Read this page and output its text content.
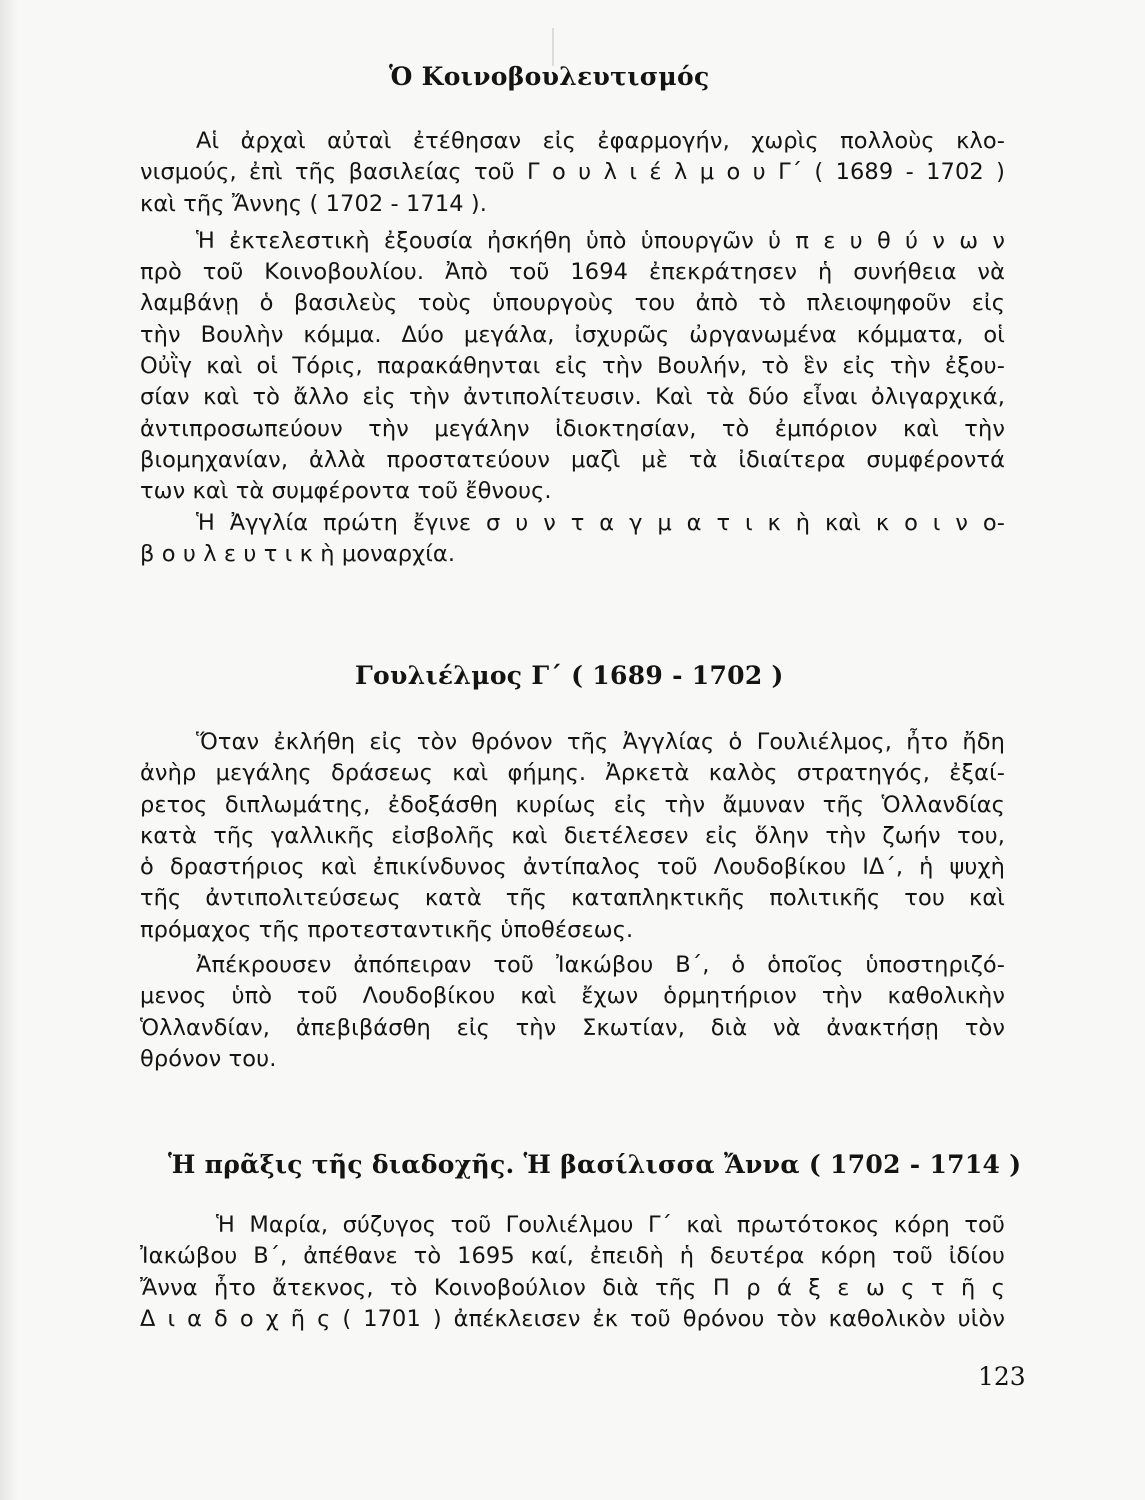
Ὁ Κοινοβουλευτισμός
Αἱ ἀρχαὶ αὐταὶ ἐτέθησαν εἰς ἐφαρμογήν, χωρὶς πολλοὺς κλο-
νισμούς, ἐπὶ τῆς βασιλείας τοῦ Γ ο υ λ ι έ λ μ ο υ Γ΄ ( 1689 - 1702 )
καὶ τῆς Ἄννης ( 1702 - 1714 ).
Ἡ ἐκτελεστικὴ ἐξουσία ἠσκήθη ὑπὸ ὑπουργῶν ὑ π ε υ θ ύ ν ω ν
πρὸ τοῦ Κοινοβουλίου. Ἀπὸ τοῦ 1694 ἐπεκράτησεν ἡ συνήθεια νὰ
λαμβάνῃ ὁ βασιλεὺς τοὺς ὑπουργοὺς του ἀπὸ τὸ πλειοψηφοῦν εἰς
τὴν Βουλὴν κόμμα. Δύο μεγάλα, ἰσχυρῶς ὠργανωμένα κόμματα, οἱ
Οὐῒγ καὶ οἱ Τόρις, παρακάθηνται εἰς τὴν Βουλήν, τὸ ἓν εἰς τὴν ἐξου-
σίαν καὶ τὸ ἄλλο εἰς τὴν ἀντιπολίτευσιν. Καὶ τὰ δύο εἶναι ὀλιγαρχικά,
ἀντιπροσωπεύουν τὴν μεγάλην ἰδιοκτησίαν, τὸ ἐμπόριον καὶ τὴν
βιομηχανίαν, ἀλλὰ προστατεύουν μαζὶ μὲ τὰ ἰδιαίτερα συμφέροντά
των καὶ τὰ συμφέροντα τοῦ ἔθνους.
Ἡ Ἀγγλία πρώτη ἔγινε σ υ ν τ α γ μ α τ ι κ ὴ καὶ κ ο ι ν ο-
β ο υ λ ε υ τ ι κ ὴ μοναρχία.
Γουλιέλμος Γ΄ ( 1689 - 1702 )
Ὅταν ἐκλήθη εἰς τὸν θρόνον τῆς Ἀγγλίας ὁ Γουλιέλμος, ἦτο ἤδη
ἀνὴρ μεγάλης δράσεως καὶ φήμης. Ἀρκετὰ καλὸς στρατηγός, ἐξαί-
ρετος διπλωμάτης, ἐδοξάσθη κυρίως εἰς τὴν ἄμυναν τῆς Ὁλλανδίας
κατὰ τῆς γαλλικῆς εἰσβολῆς καὶ διετέλεσεν εἰς ὅλην τὴν ζωήν του,
ὁ δραστήριος καὶ ἐπικίνδυνος ἀντίπαλος τοῦ Λουδοβίκου ΙΔ΄, ἡ ψυχὴ
τῆς ἀντιπολιτεύσεως κατὰ τῆς καταπληκτικῆς πολιτικῆς του καὶ
πρόμαχος τῆς προτεσταντικῆς ὑποθέσεως.
Ἀπέκρουσεν ἀπόπειραν τοῦ Ἰακώβου Β΄, ὁ ὁποῖος ὑποστηριζό-
μενος ὑπὸ τοῦ Λουδοβίκου καὶ ἔχων ὁρμητήριον τὴν καθολικὴν
Ὁλλανδίαν, ἀπεβιβάσθη εἰς τὴν Σκωτίαν, διὰ νὰ ἀνακτήσῃ τὸν
θρόνον του.
Ἡ πρᾶξις τῆς διαδοχῆς. Ἡ βασίλισσα Ἄννα ( 1702 - 1714 )
Ἡ Μαρία, σύζυγος τοῦ Γουλιέλμου Γ΄ καὶ πρωτότοκος κόρη τοῦ
Ἰακώβου Β΄, ἀπέθανε τὸ 1695 καί, ἐπειδὴ ἡ δευτέρα κόρη τοῦ ἰδίου
Ἄννα ἦτο ἄτεκνος, τὸ Κοινοβούλιον διὰ τῆς Π ρ ά ξ ε ω ς τ ῆ ς
Δ ι α δ ο χ ῆ ς ( 1701 ) ἀπέκλεισεν ἐκ τοῦ θρόνου τὸν καθολικὸν υἱὸν
123
